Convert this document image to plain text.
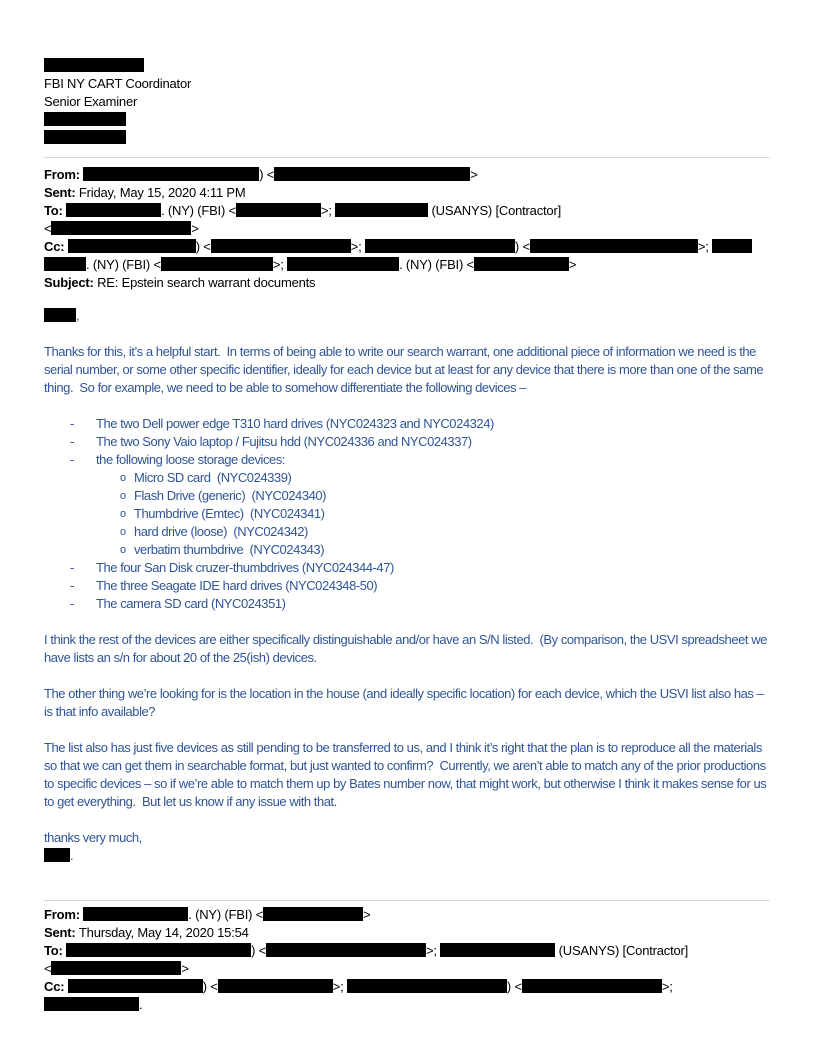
FBI NY CART Coordinator
Senior Examiner
From:	) <	>
Sent: Friday, May 15, 2020 4:11 PM
To:	. (NY) (FBI) <	>;	(USANYS) [Contractor]
<	>
Cc:	) <	>;	) <	>;
. (NY) (FBI) <	>;	. (NY) (FBI) <	>
Subject: RE: Epstein search warrant documents
,

Thanks for this, it’s a helpful start.  In terms of being able to write our search warrant, one additional piece of information we need is the serial number, or some other specific identifier, ideally for each device but at least for any device that there is more than one of the same thing.  So for example, we need to be able to somehow differentiate the following devices –

-	The two Dell power edge T310 hard drives (NYC024323 and NYC024324)
-	The two Sony Vaio laptop / Fujitsu hdd (NYC024336 and NYC024337)
-	the following loose storage devices:
o Micro SD card  (NYC024339)
o Flash Drive (generic)  (NYC024340)
o Thumbdrive (Emtec)  (NYC024341)
o hard drive (loose)  (NYC024342)
o verbatim thumbdrive  (NYC024343)
-	The four San Disk cruzer-thumbdrives (NYC024344-47)
-	The three Seagate IDE hard drives (NYC024348-50)
-	The camera SD card (NYC024351)

I think the rest of the devices are either specifically distinguishable and/or have an S/N listed.  (By comparison, the USVI spreadsheet we have lists an s/n for about 20 of the 25(ish) devices.

The other thing we’re looking for is the location in the house (and ideally specific location) for each device, which the USVI list also has – is that info available?

The list also has just five devices as still pending to be transferred to us, and I think it’s right that the plan is to reproduce all the materials so that we can get them in searchable format, but just wanted to confirm?  Currently, we aren’t able to match any of the prior productions to specific devices – so if we’re able to match them up by Bates number now, that might work, but otherwise I think it makes sense for us to get everything.  But let us know if any issue with that.

thanks very much,

.
From:	. (NY) (FBI) <	>
Sent: Thursday, May 14, 2020 15:54
To:	) <	>;	(USANYS) [Contractor]
<	>
Cc:	) <	>;	) <	>; .
